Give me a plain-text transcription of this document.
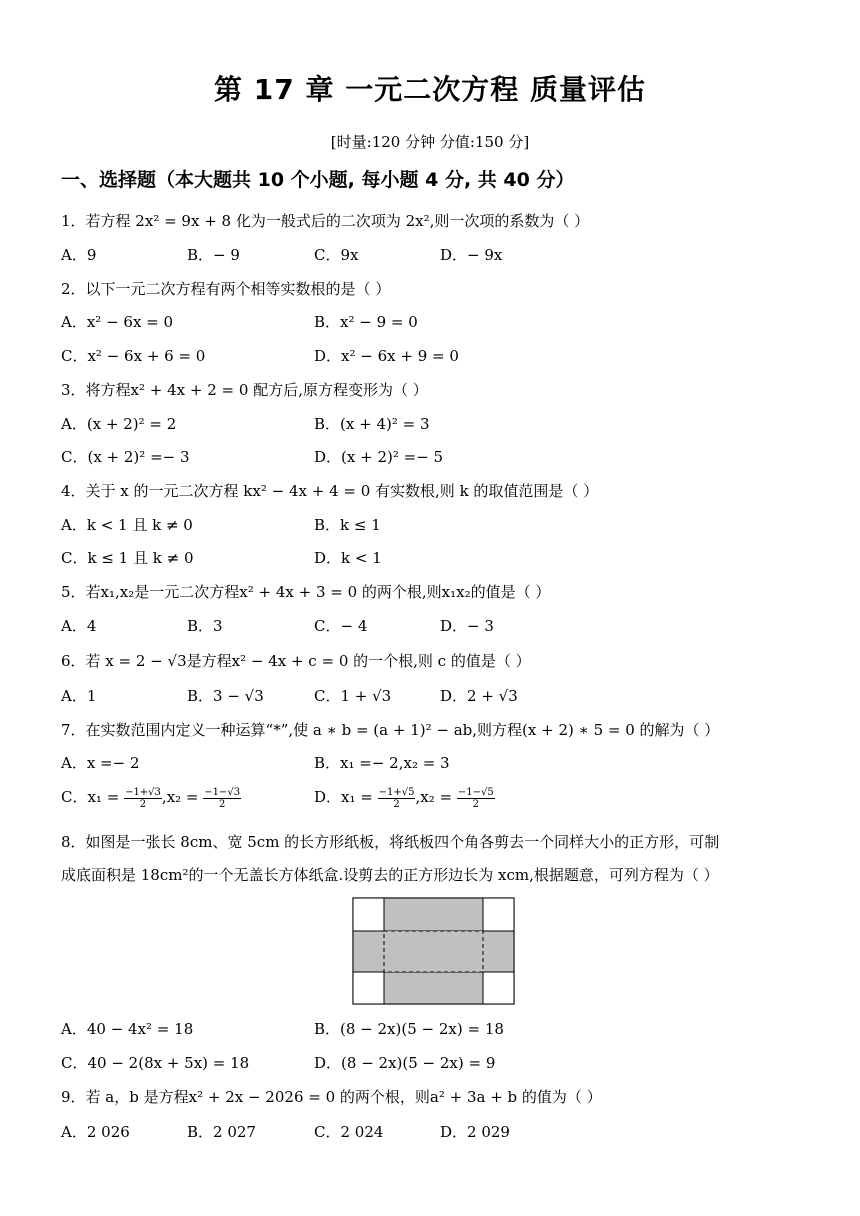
第 17 章 一元二次方程 质量评估
[时量:120 分钟 分值:150 分]
一、选择题（本大题共 10 个小题, 每小题 4 分, 共 40 分）
1．若方程 2x² = 9x + 8 化为一般式后的二次项为 2x²,则一次项的系数为（ ）
A．9	B．− 9	C．9x	D．− 9x
2．以下一元二次方程有两个相等实数根的是（ ）
A．x² − 6x = 0	B．x² − 9 = 0
C．x² − 6x + 6 = 0	D．x² − 6x + 9 = 0
3．将方程x² + 4x + 2 = 0 配方后,原方程变形为（ ）
A．(x + 2)² = 2	B．(x + 4)² = 3
C．(x + 2)² =− 3	D．(x + 2)² =− 5
4．关于 x 的一元二次方程 kx² − 4x + 4 = 0 有实数根,则 k 的取值范围是（ ）
A．k < 1 且 k ≠ 0	B．k ≤ 1
C．k ≤ 1 且 k ≠ 0	D．k < 1
5．若x₁,x₂是一元二次方程x² + 4x + 3 = 0 的两个根,则x₁x₂的值是（ ）
A．4	B．3	C．− 4	D．− 3
6．若 x = 2 − √3是方程x² − 4x + c = 0 的一个根,则 c 的值是（ ）
A．1	B．3 − √3	C．1 + √3	D．2 + √3
7．在实数范围内定义一种运算“*”,使 a ∗ b = (a + 1)² − ab,则方程(x + 2) ∗ 5 = 0 的解为（ ）
A．x =− 2	B．x₁ =− 2,x₂ = 3
C．$x_1 = \frac{-1+√3}{2} ,x_2 = \frac{-1-√3}{2}$	D．$x_1 = \frac{-1+√5}{2} ,x_2 = \frac{-1-√5}{2}$
8．如图是一张长 8cm、宽 5cm 的长方形纸板，将纸板四个角各剪去一个同样大小的正方形，可制
成底面积是 18cm²的一个无盖长方体纸盒.设剪去的正方形边长为 xcm,根据题意，可列方程为（ ）
A．40 − 4x² = 18	B．(8 − 2x)(5 − 2x) = 18
C．40 − 2(8x + 5x) = 18	D．(8 − 2x)(5 − 2x) = 9
9．若 a，b 是方程x² + 2x − 2026 = 0 的两个根，则a² + 3a + b 的值为（ ）
A．2 026	B．2 027	C．2 024	D．2 029
